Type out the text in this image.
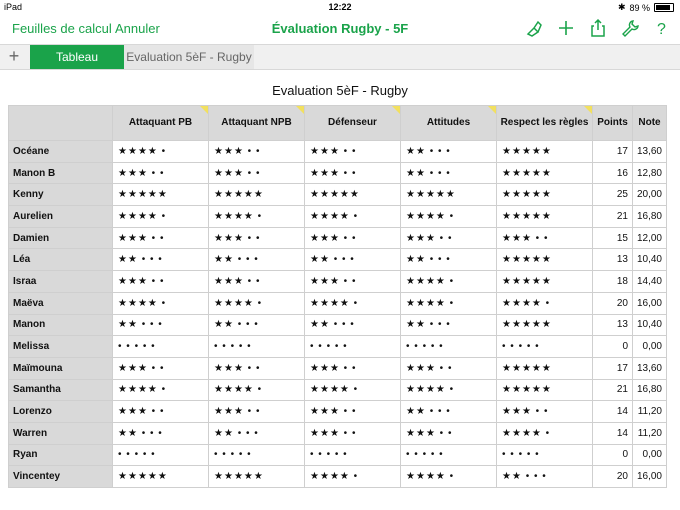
iPad	12:22	✱ 89 %
Feuilles de calcul Annuler	Évaluation Rugby - 5F	?
+	Tableau	Evaluation 5èF - Rugby
Evaluation 5èF - Rugby
	Attaquant PB	Attaquant NPB	Défenseur	Attitudes	Respect les règles	Points	Note
Océane	★★★★ •	★★★ • •	★★★ • •	★★ • • •	★★★★★	17	13,60
Manon B	★★★ • •	★★★ • •	★★★ • •	★★ • • •	★★★★★	16	12,80
Kenny	★★★★★	★★★★★	★★★★★	★★★★★	★★★★★	25	20,00
Aurelien	★★★★ •	★★★★ •	★★★★ •	★★★★ •	★★★★★	21	16,80
Damien	★★★ • •	★★★ • •	★★★ • •	★★★ • •	★★★ • •	15	12,00
Léa	★★ • • •	★★ • • •	★★ • • •	★★ • • •	★★★★★	13	10,40
Israa	★★★ • •	★★★ • •	★★★ • •	★★★★ •	★★★★★	18	14,40
Maëva	★★★★ •	★★★★ •	★★★★ •	★★★★ •	★★★★ •	20	16,00
Manon	★★ • • •	★★ • • •	★★ • • •	★★ • • •	★★★★★	13	10,40
Melissa	• • • • •	• • • • •	• • • • •	• • • • •	• • • • •	0	0,00
Maïmouna	★★★ • •	★★★ • •	★★★ • •	★★★ • •	★★★★★	17	13,60
Samantha	★★★★ •	★★★★ •	★★★★ •	★★★★ •	★★★★★	21	16,80
Lorenzo	★★★ • •	★★★ • •	★★★ • •	★★ • • •	★★★ • •	14	11,20
Warren	★★ • • •	★★ • • •	★★★ • •	★★★ • •	★★★★ •	14	11,20
Ryan	• • • • •	• • • • •	• • • • •	• • • • •	• • • • •	0	0,00
Vincentey	★★★★★	★★★★★	★★★★ •	★★★★ •	★★ • • •	20	16,00
